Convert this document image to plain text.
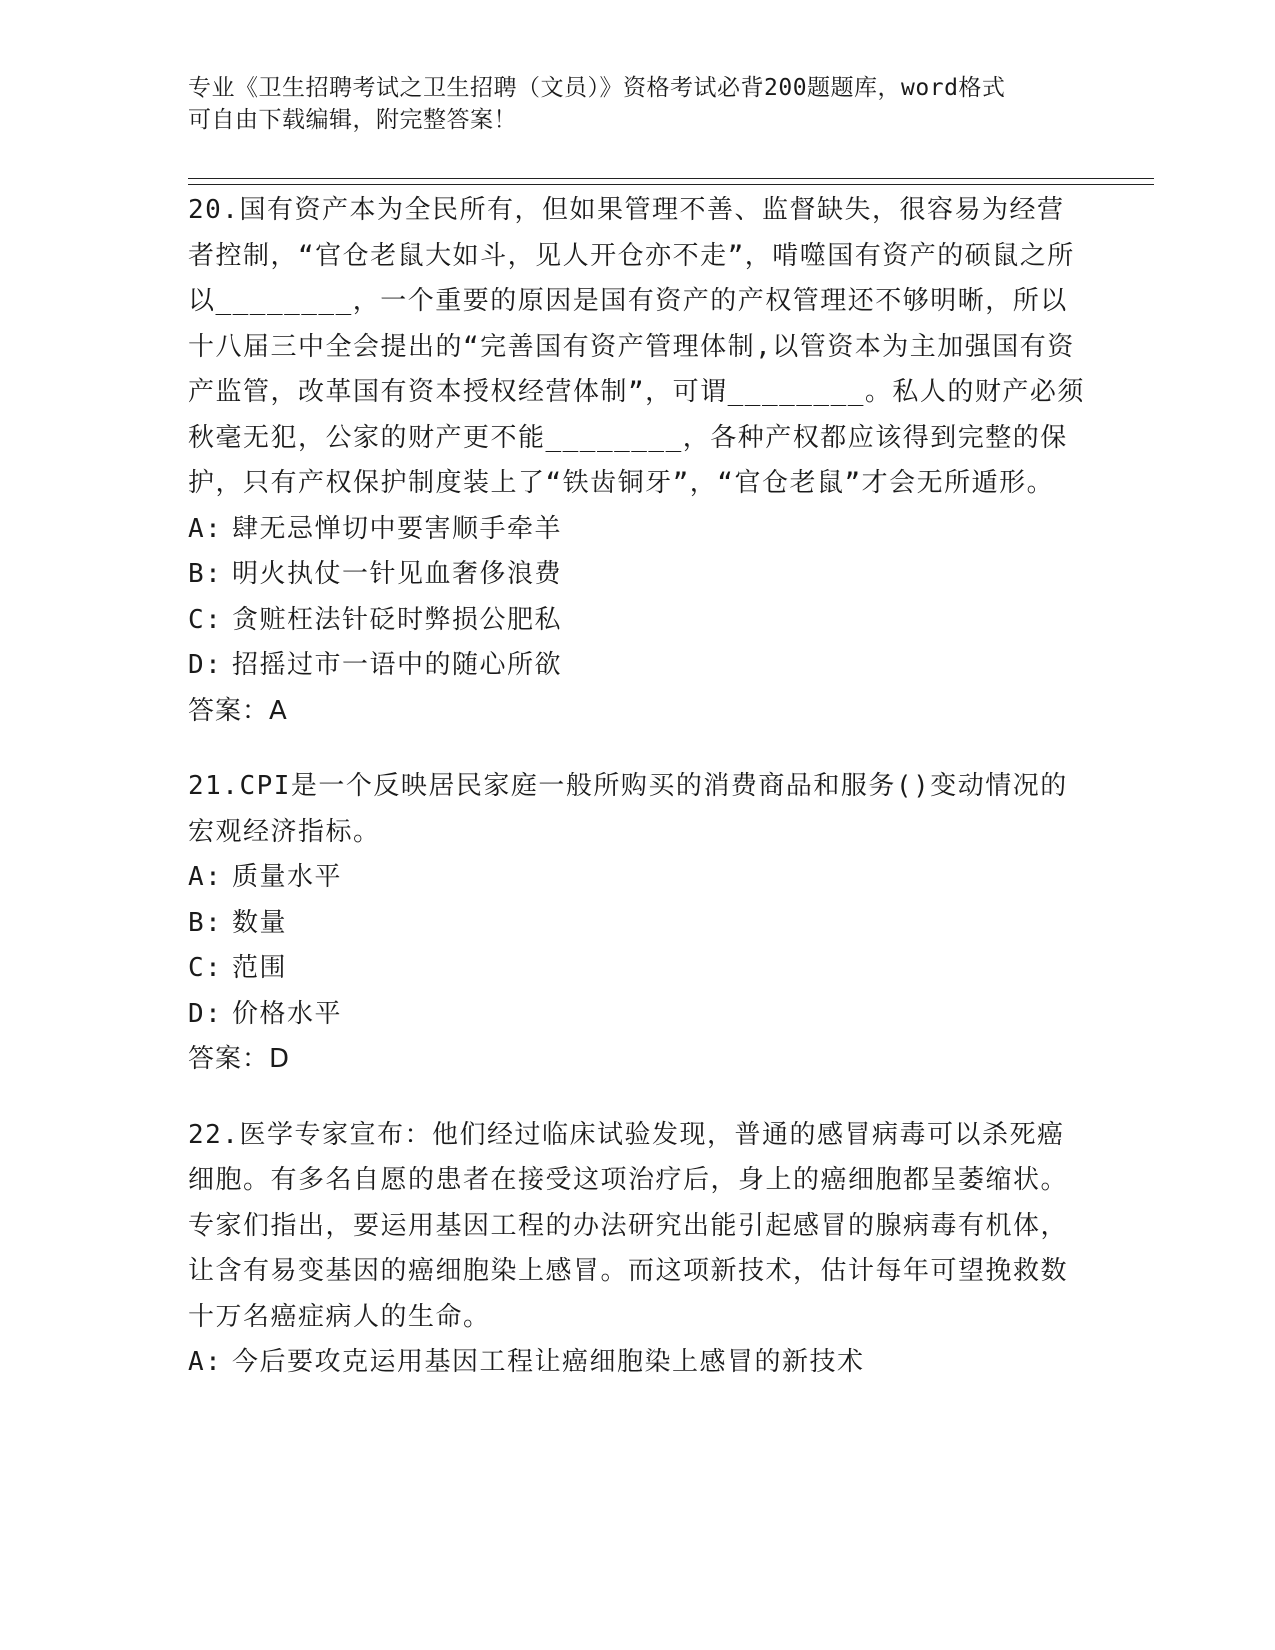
专业《卫生招聘考试之卫生招聘（文员）》资格考试必背200题题库，word格式
可自由下载编辑，附完整答案！

20.国有资产本为全民所有，但如果管理不善、监督缺失，很容易为经营者控制，“官仓老鼠大如斗，见人开仓亦不走”，啃噬国有资产的硕鼠之所以________，一个重要的原因是国有资产的产权管理还不够明晰，所以十八届三中全会提出的“完善国有资产管理体制,以管资本为主加强国有资产监管，改革国有资本授权经营体制”，可谓________。私人的财产必须秋毫无犯，公家的财产更不能________，各种产权都应该得到完整的保护，只有产权保护制度装上了“铁齿铜牙”，“官仓老鼠”才会无所遁形。

A: 肆无忌惮切中要害顺手牵羊

B: 明火执仗一针见血奢侈浪费

C: 贪赃枉法针砭时弊损公肥私

D: 招摇过市一语中的随心所欲

答案：A

21.CPI是一个反映居民家庭一般所购买的消费商品和服务()变动情况的宏观经济指标。

A: 质量水平

B: 数量

C: 范围

D: 价格水平

答案：D

22.医学专家宣布：他们经过临床试验发现，普通的感冒病毒可以杀死癌细胞。有多名自愿的患者在接受这项治疗后，身上的癌细胞都呈萎缩状。专家们指出，要运用基因工程的办法研究出能引起感冒的腺病毒有机体，让含有易变基因的癌细胞染上感冒。而这项新技术，估计每年可望挽救数十万名癌症病人的生命。

A: 今后要攻克运用基因工程让癌细胞染上感冒的新技术
